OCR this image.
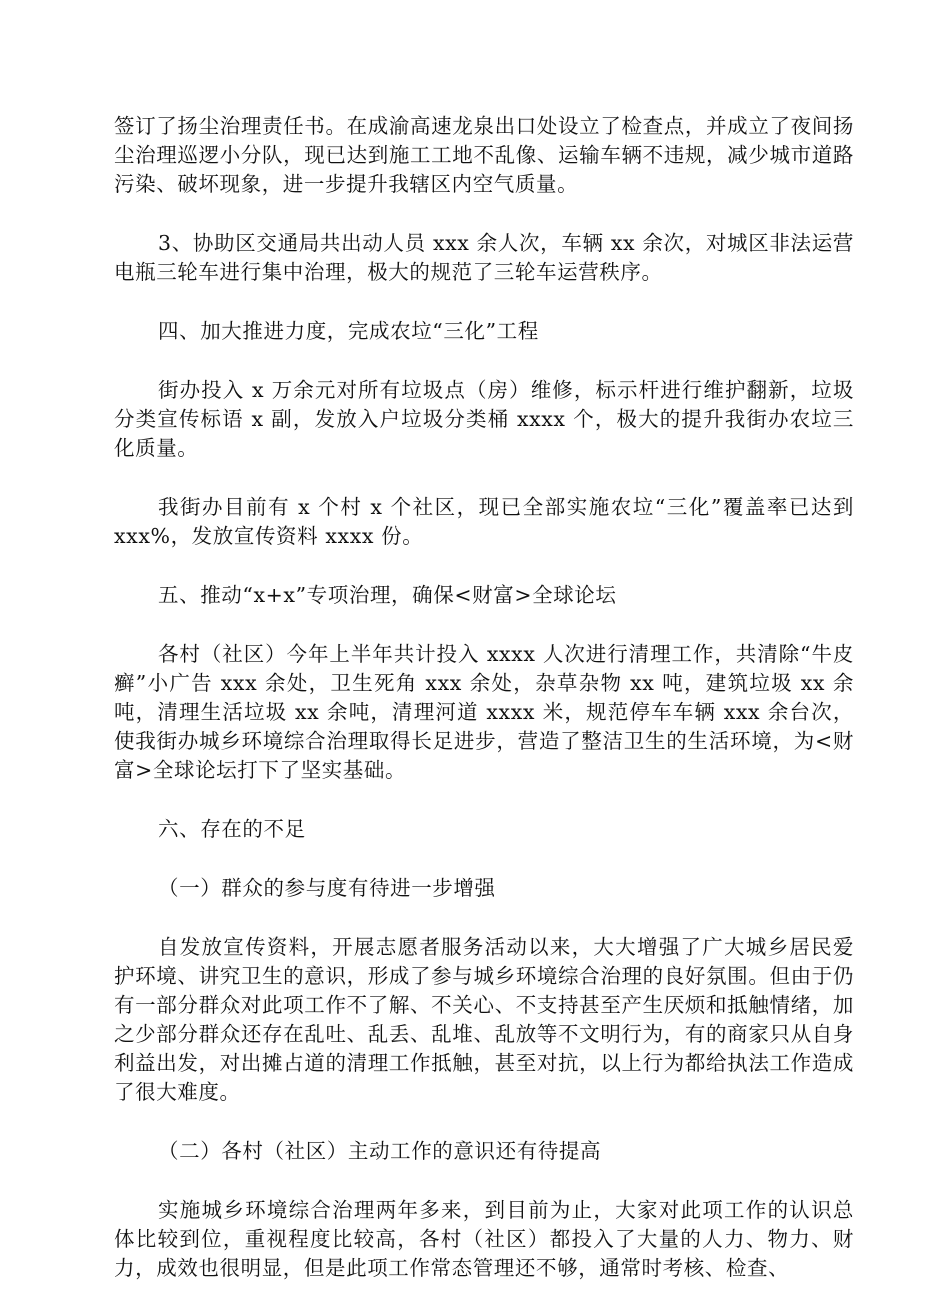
签订了扬尘治理责任书。在成渝高速龙泉出口处设立了检查点，并成立了夜间扬尘治理巡逻小分队，现已达到施工工地不乱像、运输车辆不违规，减少城市道路污染、破坏现象，进一步提升我辖区内空气质量。

3、协助区交通局共出动人员 xxx 余人次，车辆 xx 余次，对城区非法运营电瓶三轮车进行集中治理，极大的规范了三轮车运营秩序。

四、加大推进力度，完成农垃“三化”工程

街办投入 x 万余元对所有垃圾点（房）维修，标示杆进行维护翻新，垃圾分类宣传标语 x 副，发放入户垃圾分类桶 xxxx 个，极大的提升我街办农垃三化质量。

我街办目前有 x 个村 x 个社区，现已全部实施农垃“三化”覆盖率已达到 xxx%，发放宣传资料 xxxx 份。

五、推动“x+x”专项治理，确保<财富>全球论坛

各村（社区）今年上半年共计投入 xxxx 人次进行清理工作，共清除“牛皮癣”小广告 xxx 余处，卫生死角 xxx 余处，杂草杂物 xx 吨，建筑垃圾 xx 余吨，清理生活垃圾 xx 余吨，清理河道 xxxx 米，规范停车车辆 xxx 余台次，使我街办城乡环境综合治理取得长足进步，营造了整洁卫生的生活环境，为<财富>全球论坛打下了坚实基础。

六、存在的不足

（一）群众的参与度有待进一步增强

自发放宣传资料，开展志愿者服务活动以来，大大增强了广大城乡居民爱护环境、讲究卫生的意识，形成了参与城乡环境综合治理的良好氛围。但由于仍有一部分群众对此项工作不了解、不关心、不支持甚至产生厌烦和抵触情绪，加之少部分群众还存在乱吐、乱丢、乱堆、乱放等不文明行为，有的商家只从自身利益出发，对出摊占道的清理工作抵触，甚至对抗，以上行为都给执法工作造成了很大难度。

（二）各村（社区）主动工作的意识还有待提高

实施城乡环境综合治理两年多来，到目前为止，大家对此项工作的认识总体比较到位，重视程度比较高，各村（社区）都投入了大量的人力、物力、财力，成效也很明显，但是此项工作常态管理还不够，通常时考核、检查、
